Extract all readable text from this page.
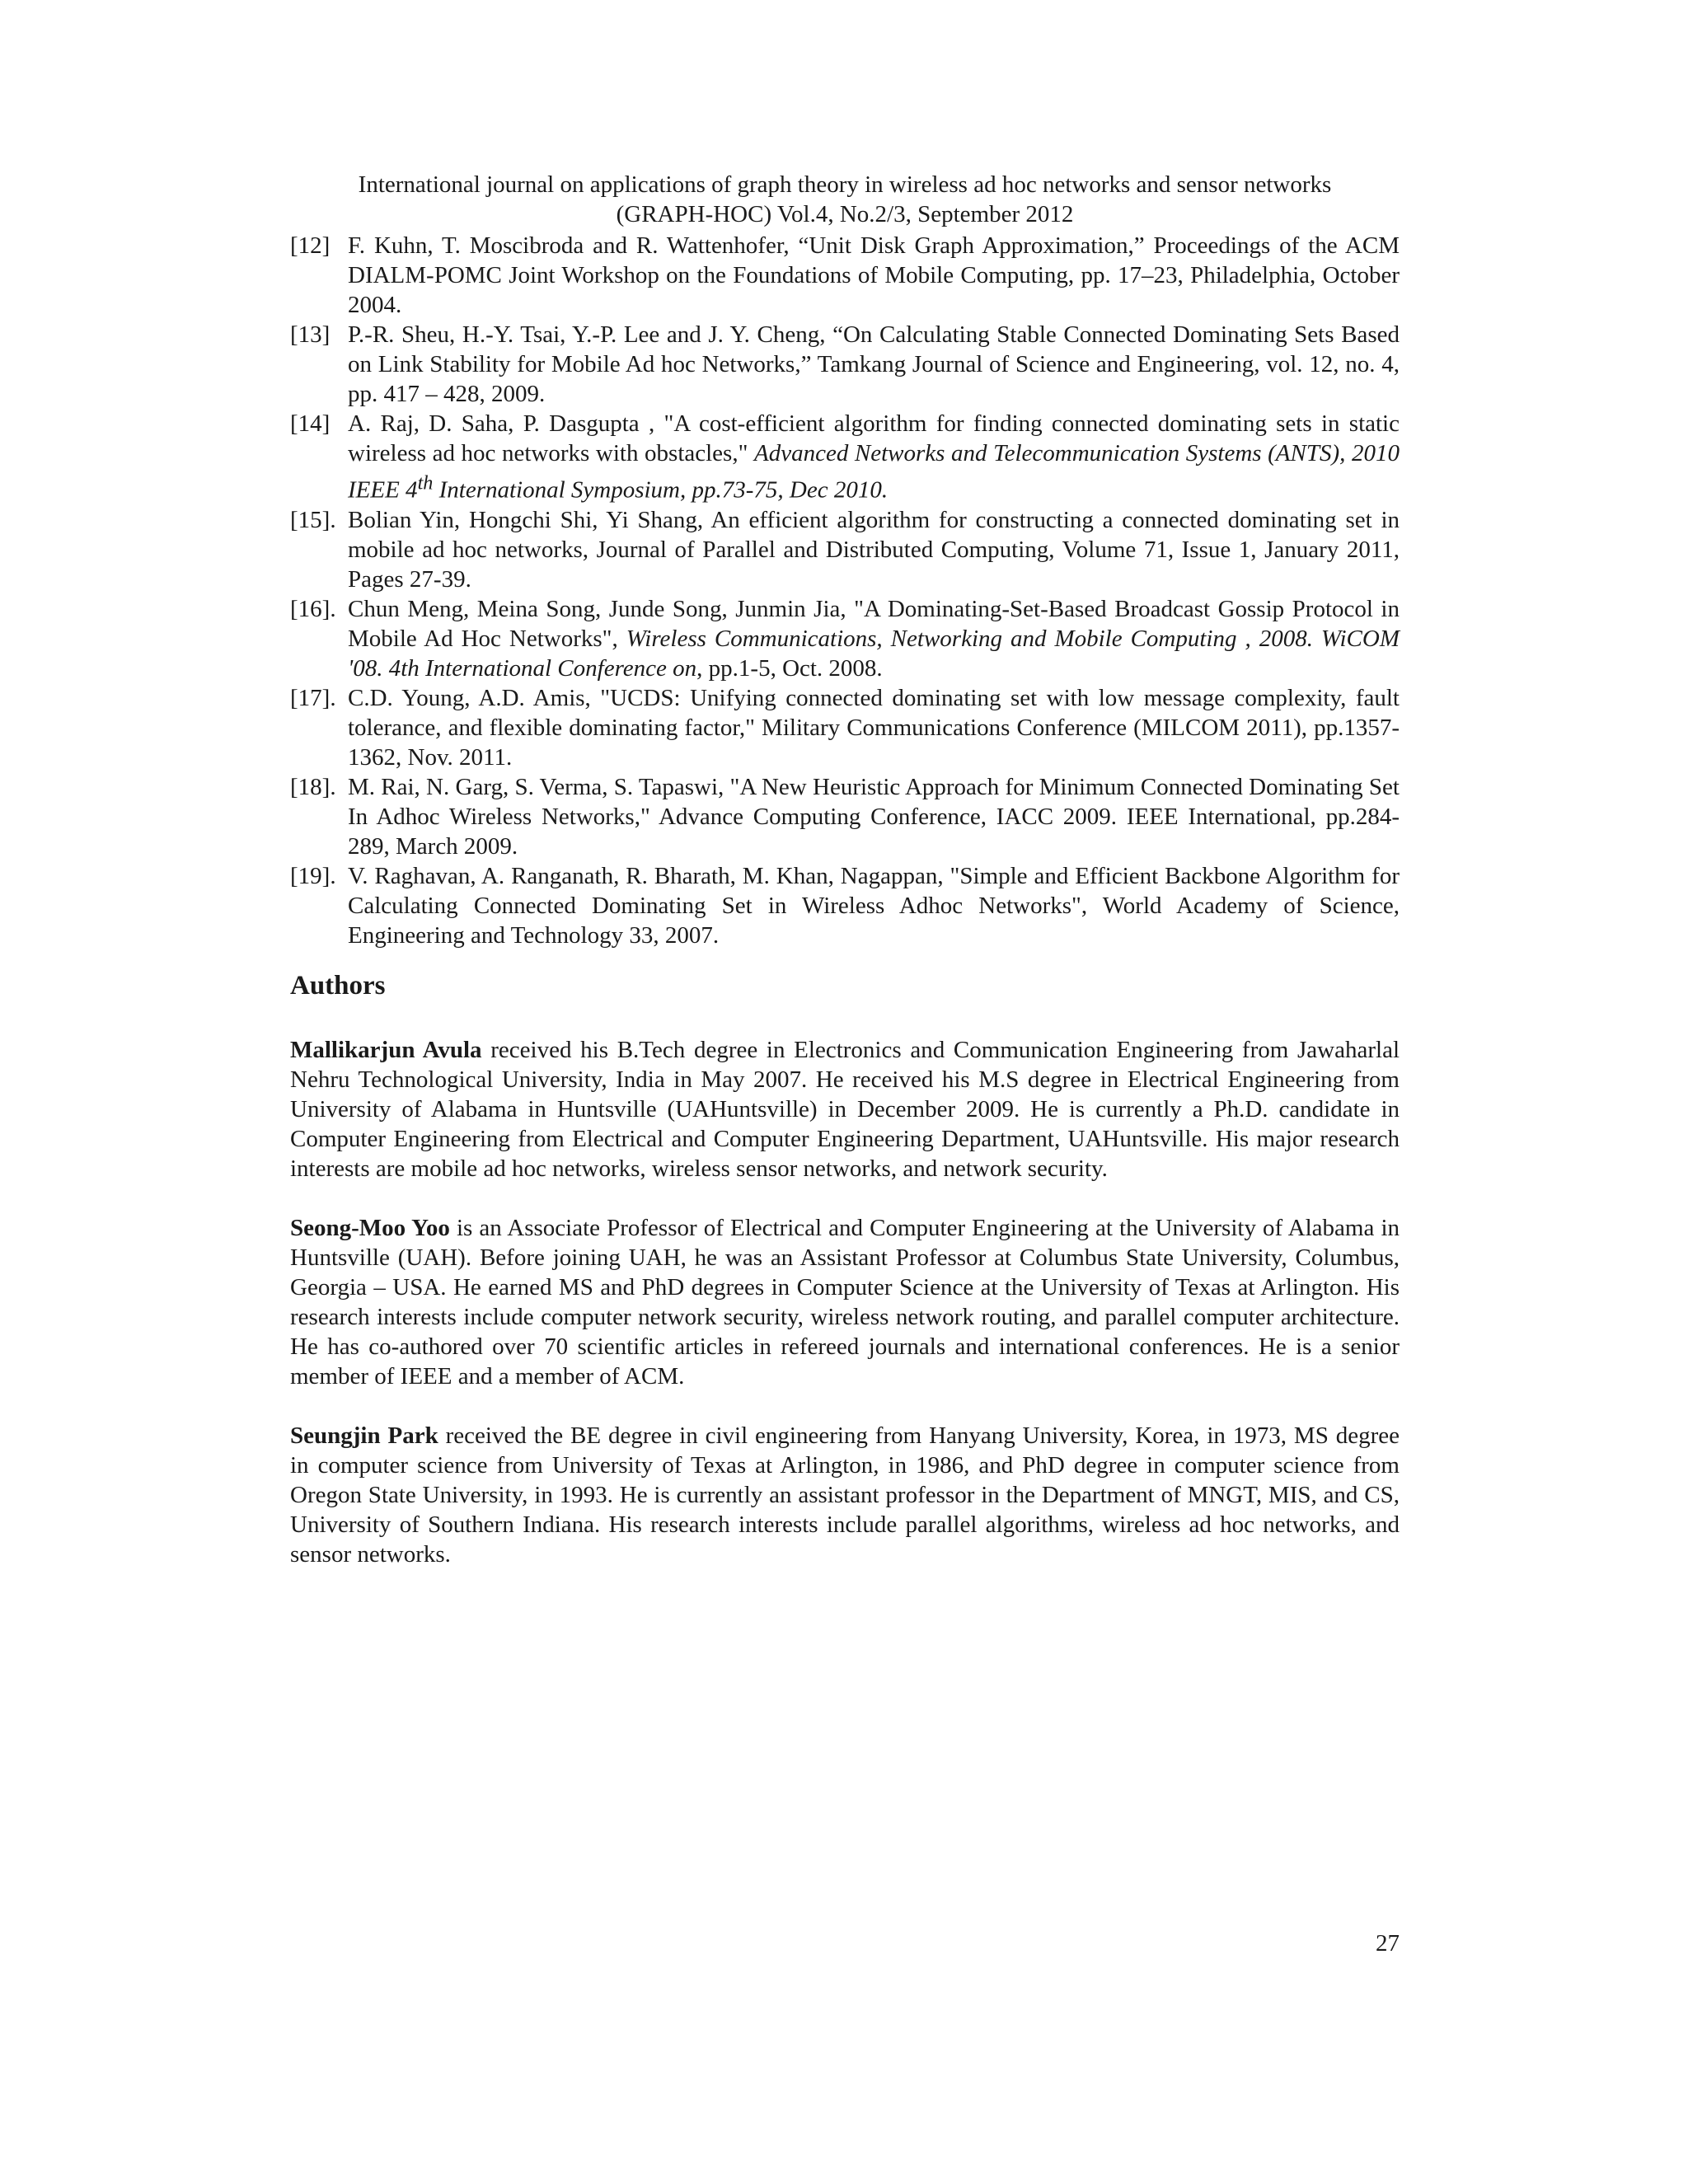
International journal on applications of graph theory in wireless ad hoc networks and sensor networks
(GRAPH-HOC) Vol.4, No.2/3, September 2012

[12] F. Kuhn, T. Moscibroda and R. Wattenhofer, “Unit Disk Graph Approximation,” Proceedings of the ACM DIALM-POMC Joint Workshop on the Foundations of Mobile Computing, pp. 17–23, Philadelphia, October 2004.

[13] P.-R. Sheu, H.-Y. Tsai, Y.-P. Lee and J. Y. Cheng, “On Calculating Stable Connected Dominating Sets Based on Link Stability for Mobile Ad hoc Networks,” Tamkang Journal of Science and Engineering, vol. 12, no. 4, pp. 417 – 428, 2009.

[14] A. Raj, D. Saha, P. Dasgupta , "A cost-efficient algorithm for finding connected dominating sets in static wireless ad hoc networks with obstacles," Advanced Networks and Telecommunication Systems (ANTS), 2010 IEEE 4th International Symposium, pp.73-75, Dec 2010.

[15]. Bolian Yin, Hongchi Shi, Yi Shang, An efficient algorithm for constructing a connected dominating set in mobile ad hoc networks, Journal of Parallel and Distributed Computing, Volume 71, Issue 1, January 2011, Pages 27-39.

[16]. Chun Meng, Meina Song, Junde Song, Junmin Jia, "A Dominating-Set-Based Broadcast Gossip Protocol in Mobile Ad Hoc Networks", Wireless Communications, Networking and Mobile Computing , 2008. WiCOM '08. 4th International Conference on, pp.1-5, Oct. 2008.

[17]. C.D. Young, A.D. Amis, "UCDS: Unifying connected dominating set with low message complexity, fault tolerance, and flexible dominating factor," Military Communications Conference (MILCOM 2011), pp.1357-1362, Nov. 2011.

[18]. M. Rai, N. Garg, S. Verma, S. Tapaswi, "A New Heuristic Approach for Minimum Connected Dominating Set In Adhoc Wireless Networks," Advance Computing Conference, IACC 2009. IEEE International, pp.284-289, March 2009.

[19]. V. Raghavan, A. Ranganath, R. Bharath, M. Khan, Nagappan, "Simple and Efficient Backbone Algorithm for Calculating Connected Dominating Set in Wireless Adhoc Networks", World Academy of Science, Engineering and Technology 33, 2007.

Authors

Mallikarjun Avula received his B.Tech degree in Electronics and Communication Engineering from Jawaharlal Nehru Technological University, India in May 2007. He received his M.S degree in Electrical Engineering from University of Alabama in Huntsville (UAHuntsville) in December 2009. He is currently a Ph.D. candidate in Computer Engineering from Electrical and Computer Engineering Department, UAHuntsville. His major research interests are mobile ad hoc networks, wireless sensor networks, and network security.

Seong-Moo Yoo is an Associate Professor of Electrical and Computer Engineering at the University of Alabama in Huntsville (UAH). Before joining UAH, he was an Assistant Professor at Columbus State University, Columbus, Georgia – USA. He earned MS and PhD degrees in Computer Science at the University of Texas at Arlington. His research interests include computer network security, wireless network routing, and parallel computer architecture. He has co-authored over 70 scientific articles in refereed journals and international conferences. He is a senior member of IEEE and a member of ACM.

Seungjin Park received the BE degree in civil engineering from Hanyang University, Korea, in 1973, MS degree in computer science from University of Texas at Arlington, in 1986, and PhD degree in computer science from Oregon State University, in 1993. He is currently an assistant professor in the Department of MNGT, MIS, and CS, University of Southern Indiana. His research interests include parallel algorithms, wireless ad hoc networks, and sensor networks.

27
